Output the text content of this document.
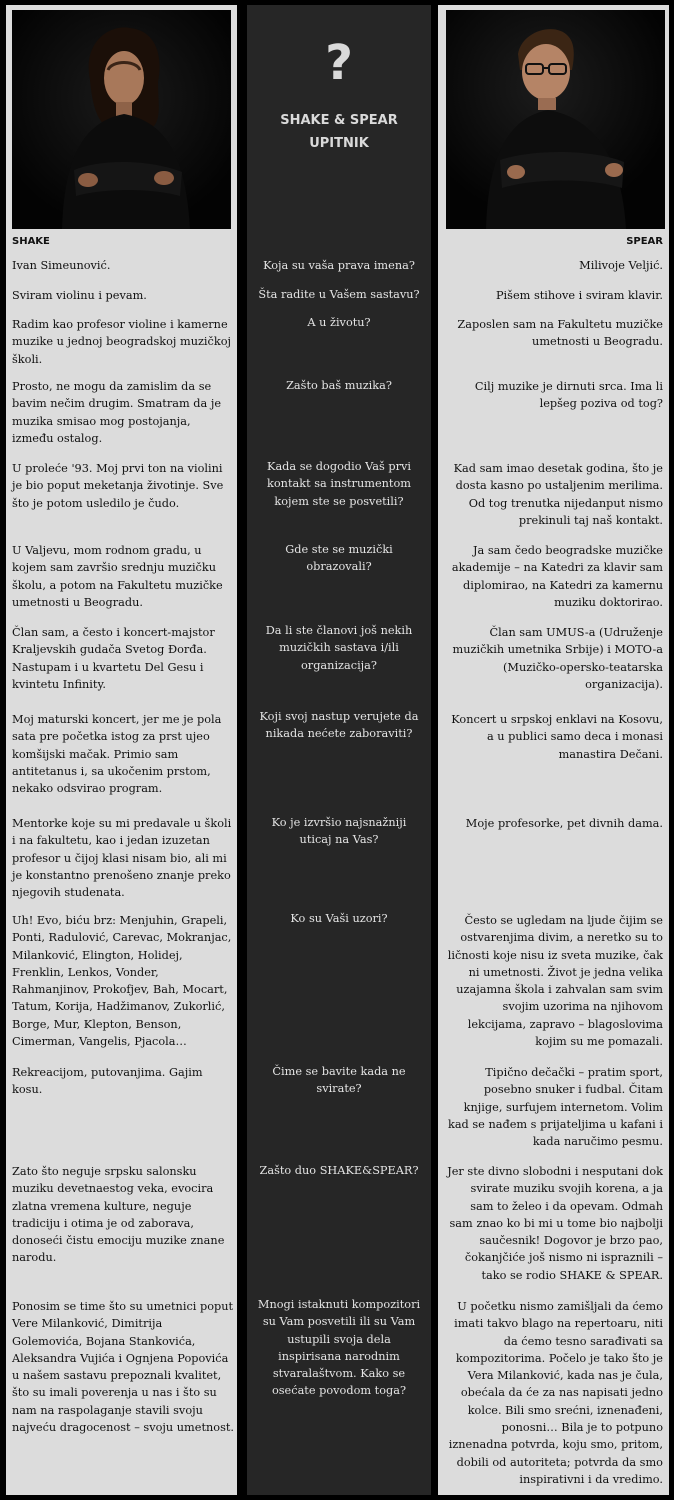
SHAKE

Ivan Simeunović.

Sviram violinu i pevam.

Radim kao profesor violine i kamerne muzike u jednoj beogradskoj muzičkoj školi.

Prosto, ne mogu da zamislim da se bavim nečim drugim. Smatram da je muzika smisao mog postojanja, između ostalog.

U proleće '93. Moj prvi ton na violini je bio poput meketanja životinje. Sve što je potom usledilo je čudo.

U Valjevu, mom rodnom gradu, u kojem sam završio srednju muzičku školu, a potom na Fakultetu muzičke umetnosti u Beogradu.

Član sam, a često i koncert-majstor Kraljevskih gudača Svetog Đorđa. Nastupam i u kvartetu Del Gesu i kvintetu Infinity.

Moj maturski koncert, jer me je pola sata pre početka istog za prst ujeo komšijski mačak. Primio sam antitetanus i, sa ukočenim prstom, nekako odsvirao program.

Mentorke koje su mi predavale u školi i na fakultetu, kao i jedan izuzetan profesor u čijoj klasi nisam bio, ali mi je konstantno prenošeno znanje preko njegovih studenata.

Uh! Evo, biću brz: Menjuhin, Grapeli, Ponti, Radulović, Carevac, Mokranjac, Milanković, Elington, Holidej, Frenklin, Lenkos, Vonder, Rahmanjinov, Prokofjev, Bah, Mocart, Tatum, Korija, Hadžimanov, Zukorlić, Borge, Mur, Klepton, Benson, Cimerman, Vangelis, Pjacola…

Rekreacijom, putovanjima. Gajim kosu.

Zato što neguje srpsku salonsku muziku devetnaestog veka, evocira zlatna vremena kulture, neguje tradiciju i otima je od zaborava, donoseći čistu emociju muzike znane narodu.

Ponosim se time što su umetnici poput Vere Milanković, Dimitrija Golemovića, Bojana Stankovića, Aleksandra Vujića i Ognjena Popovića u našem sastavu prepoznali kvalitet, što su imali poverenja u nas i što su nam na raspolaganje stavili svoju najveću dragocenost – svoju umetnost.

?
SHAKE & SPEAR
UPITNIK

Koja su vaša prava imena?

Šta radite u Vašem sastavu?

A u životu?

Zašto baš muzika?

Kada se dogodio Vaš prvi kontakt sa instrumentom kojem ste se posvetili?

Gde ste se muzički obrazovali?

Da li ste članovi još nekih muzičkih sastava i/ili organizacija?

Koji svoj nastup verujete da nikada nećete zaboraviti?

Ko je izvršio najsnažniji uticaj na Vas?

Ko su Vaši uzori?

Čime se bavite kada ne svirate?

Zašto duo SHAKE&SPEAR?

Mnogi istaknuti kompozitori su Vam posvetili ili su Vam ustupili svoja dela inspirisana narodnim stvaralaštvom. Kako se osećate povodom toga?

SPEAR

Milivoje Veljić.

Pišem stihove i sviram klavir.

Zaposlen sam na Fakultetu muzičke umetnosti u Beogradu.

Cilj muzike je dirnuti srca. Ima li lepšeg poziva od tog?

Kad sam imao desetak godina, što je dosta kasno po ustaljenim merilima. Od tog trenutka nijedanput nismo prekinuli taj naš kontakt.

Ja sam čedo beogradske muzičke akademije – na Katedri za klavir sam diplomirao, na Katedri za kamernu muziku doktorirao.

Član sam UMUS-a (Udruženje muzičkih umetnika Srbije) i MOTO-a (Muzičko-opersko-teatarska organizacija).

Koncert u srpskoj enklavi na Kosovu, a u publici samo deca i monasi manastira Dečani.

Moje profesorke, pet divnih dama.

Često se ugledam na ljude čijim se ostvarenjima divim, a neretko su to ličnosti koje nisu iz sveta muzike, čak ni umetnosti. Život je jedna velika uzajamna škola i zahvalan sam svim svojim uzorima na njihovom lekcijama, zapravo – blagoslovima kojim su me pomazali.

Tipično dečački – pratim sport, posebno snuker i fudbal. Čitam knjige, surfujem internetom. Volim kad se nađem s prijateljima u kafani i kada naručimo pesmu.

Jer ste divno slobodni i nesputani dok svirate muziku svojih korena, a ja sam to želeo i da opevam. Odmah sam znao ko bi mi u tome bio najbolji saučesnik! Dogovor je brzo pao, čokanjčiće još nismo ni ispraznili – tako se rodio SHAKE & SPEAR.

U početku nismo zamišljali da ćemo imati takvo blago na repertoaru, niti da ćemo tesno sarađivati sa kompozitorima. Počelo je tako što je Vera Milanković, kada nas je čula, obećala da će za nas napisati jedno kolce. Bili smo srećni, iznenađeni, ponosni… Bila je to potpuno iznenadna potvrda, koju smo, pritom, dobili od autoriteta; potvrda da smo inspirativni i da vredimo.
